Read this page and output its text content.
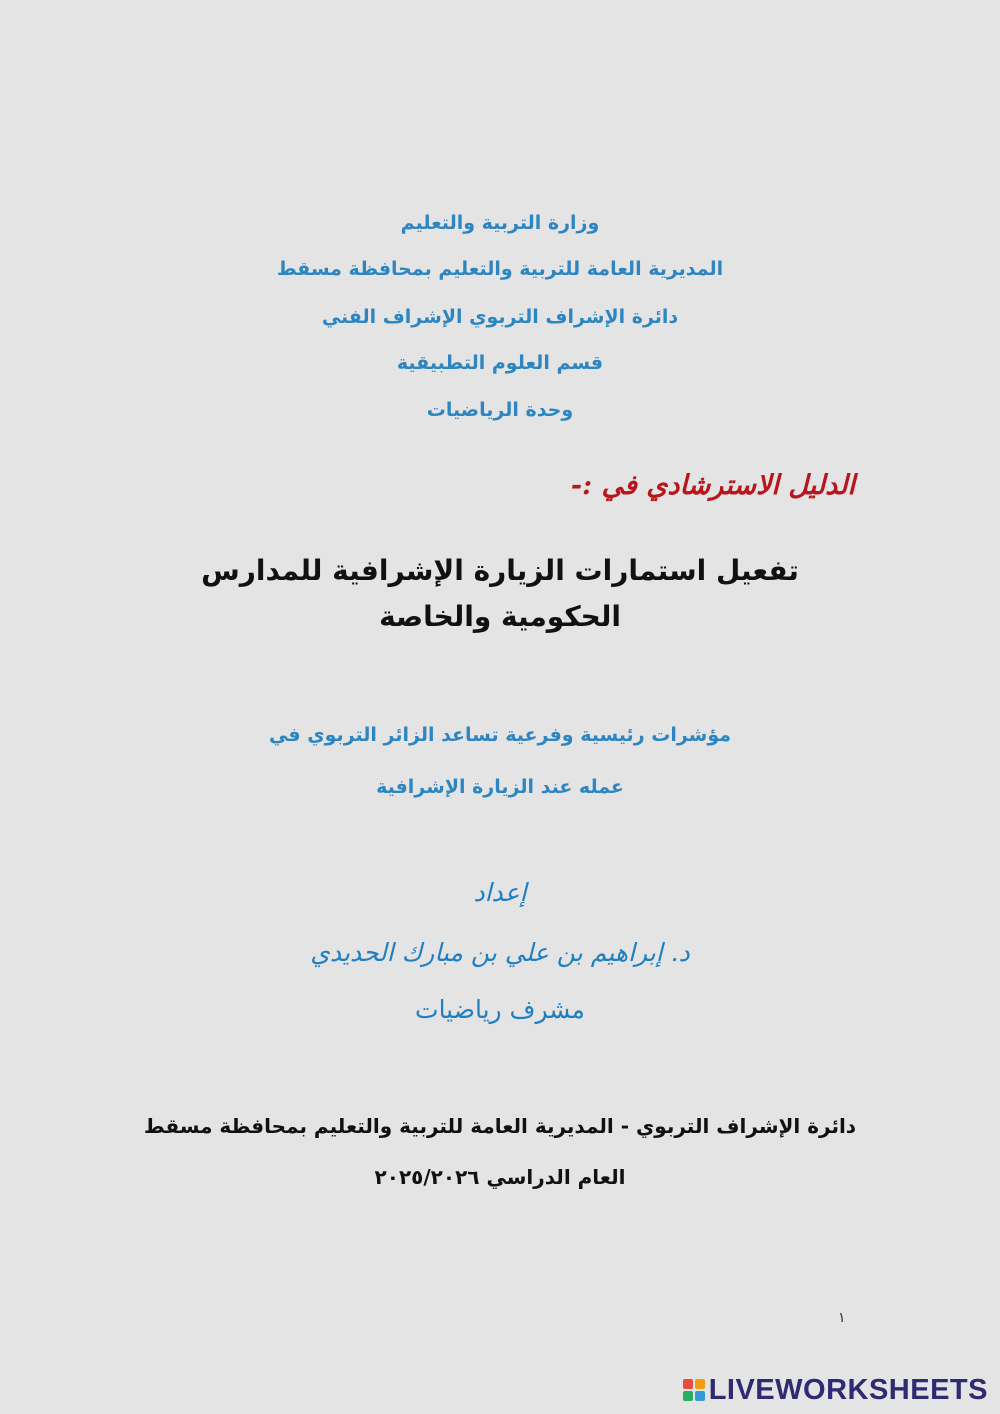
وزارة التربية والتعليم
المديرية العامة للتربية والتعليم بمحافظة مسقط
دائرة الإشراف التربوي الإشراف الفني
قسم العلوم التطبيقية
وحدة الرياضيات
الدليل الاسترشادي في :-
تفعيل استمارات الزيارة الإشرافية للمدارس الحكومية والخاصة
مؤشرات رئيسية وفرعية تساعد الزائر التربوي في
عمله عند الزيارة الإشرافية
إعداد
د. إبراهيم بن علي بن مبارك الحديدي
مشرف رياضيات
دائرة الإشراف التربوي - المديرية العامة للتربية والتعليم بمحافظة مسقط
العام الدراسي ٢٠٢٥/٢٠٢٦
١
LIVEWORKSHEETS
